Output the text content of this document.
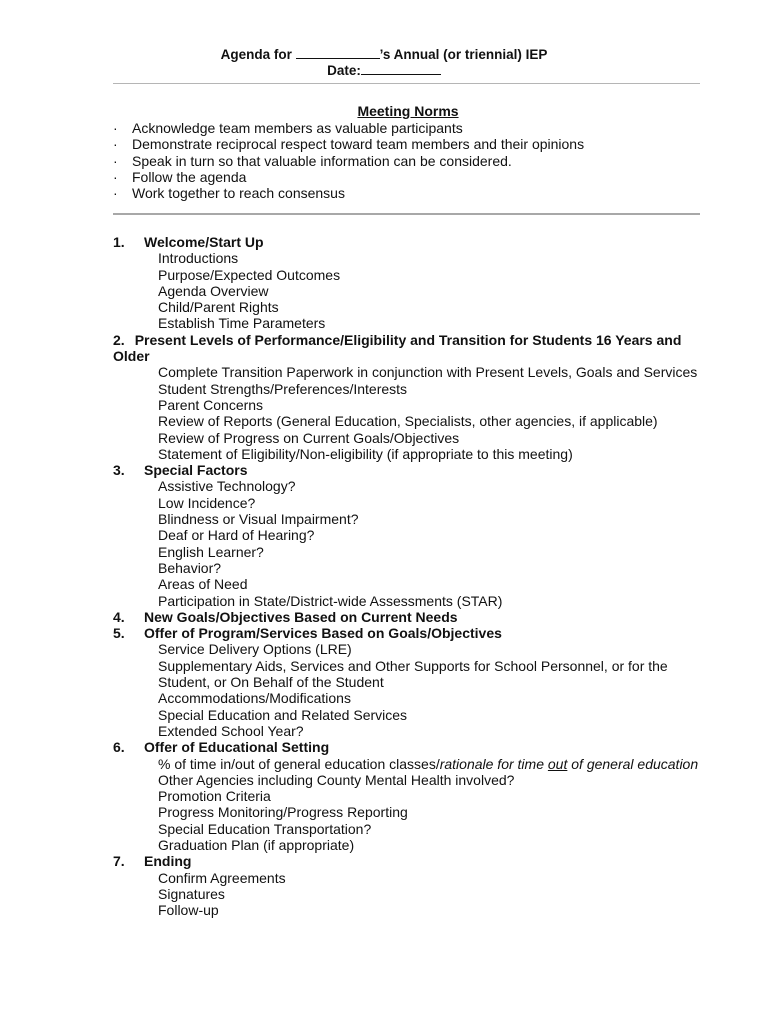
Agenda for	’s Annual (or triennial) IEP
Date:
Meeting Norms
· Acknowledge team members as valuable participants
· Demonstrate reciprocal respect toward team members and their opinions
· Speak in turn so that valuable information can be considered.
· Follow the agenda
· Work together to reach consensus
1. Welcome/Start Up
Introductions
Purpose/Expected Outcomes
Agenda Overview
Child/Parent Rights
Establish Time Parameters
2. Present Levels of Performance/Eligibility and Transition for Students 16 Years and Older
Complete Transition Paperwork in conjunction with Present Levels, Goals and Services
Student Strengths/Preferences/Interests
Parent Concerns
Review of Reports (General Education, Specialists, other agencies, if applicable)
Review of Progress on Current Goals/Objectives
Statement of Eligibility/Non-eligibility (if appropriate to this meeting)
3. Special Factors
Assistive Technology?
Low Incidence?
Blindness or Visual Impairment?
Deaf or Hard of Hearing?
English Learner?
Behavior?
Areas of Need
Participation in State/District-wide Assessments (STAR)
4. New Goals/Objectives Based on Current Needs
5. Offer of Program/Services Based on Goals/Objectives
Service Delivery Options (LRE)
Supplementary Aids, Services and Other Supports for School Personnel, or for the Student, or On Behalf of the Student
Accommodations/Modifications
Special Education and Related Services
Extended School Year?
6. Offer of Educational Setting
% of time in/out of general education classes/rationale for time out of general education
Other Agencies including County Mental Health involved?
Promotion Criteria
Progress Monitoring/Progress Reporting
Special Education Transportation?
Graduation Plan (if appropriate)
7. Ending
Confirm Agreements
Signatures
Follow-up
